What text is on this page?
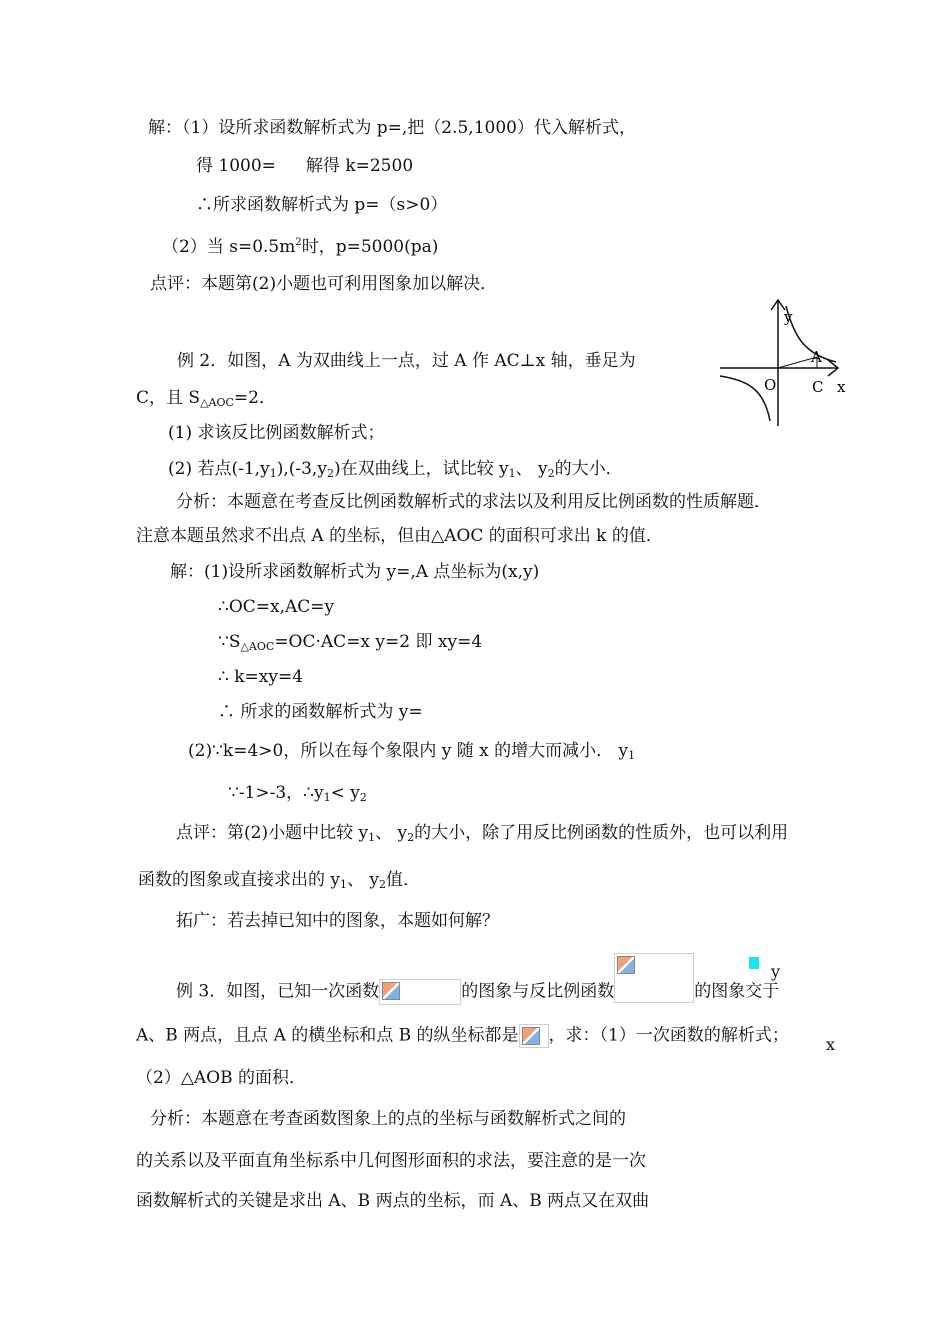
解：（1）设所求函数解析式为 p=,把（2.5,1000）代入解析式，
得 1000= 解得 k=2500
∴所求函数解析式为 p=（s>0）
（2）当 $s=0.5m^2$时，p=5000(pa)
点评：本题第(2)小题也可利用图象加以解决．
y
A
O C x
例 2．如图，A 为双曲线上一点，过 A 作 AC⊥x 轴，垂足为
C，且 $S_{\triangle AOC}=2$．
(1) 求该反比例函数解析式；
(2) 若点$(-1,y_1),(-3,y_2)$在双曲线上，试比较 $y_1$、 $y_2$的大小．
分析：本题意在考查反比例函数解析式的求法以及利用反比例函数的性质解题．
注意本题虽然求不出点 A 的坐标，但由△AOC 的面积可求出 k 的值．
解：(1)设所求函数解析式为 y=,A 点坐标为(x,y)
∴OC=x,AC=y
$\because S_{\triangle AOC}=OC\cdot AC=x$ y=2 即 xy=4
∴ k=xy=4
∴ 所求的函数解析式为 y=
(2)∵k=4>0，所以在每个象限内 y 随 x 的增大而减小． $y_1$
∵-1>-3，$\therefore y_1< y_2$
点评：第(2)小题中比较 $y_1$、 $y_2$的大小，除了用反比例函数的性质外，也可以利用
函数的图象或直接求出的 $y_1$、 $y_2$值．
拓广：若去掉已知中的图象，本题如何解？
例 3．如图，已知一次函数	的图象与反比例函数	的图象交于
y
A、B 两点，且点 A 的横坐标和点 B 的纵坐标都是 ，求：（1）一次函数的解析式； x
（2）△AOB 的面积．
分析：本题意在考查函数图象上的点的坐标与函数解析式之间的
的关系以及平面直角坐标系中几何图形面积的求法，要注意的是一次
函数解析式的关键是求出 A、B 两点的坐标，而 A、B 两点又在双曲
